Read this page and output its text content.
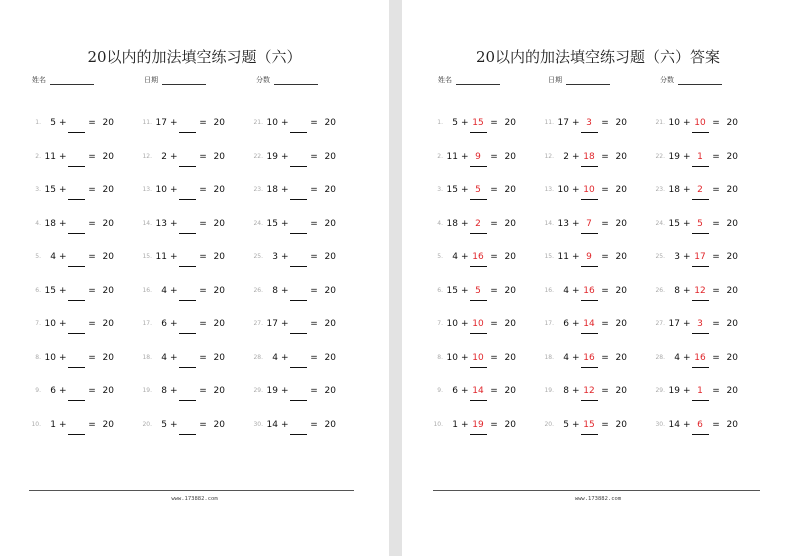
20以内的加法填空练习题（六）
姓名	日期	分数
1.	5 + = 20
2. 11 + = 20
3. 15 + = 20
4. 18 + = 20
5.	4 + = 20
6. 15 + = 20
7. 10 + = 20
8. 10 + = 20
9.	6 + = 20
10.	1 + = 20
11. 17 + = 20
12.	2 + = 20
13. 10 + = 20
14. 13 + = 20
15. 11 + = 20
16.	4 + = 20
17.	6 + = 20
18.	4 + = 20
19.	8 + = 20
20.	5 + = 20
21. 10 + = 20
22. 19 + = 20
23. 18 + = 20
24. 15 + = 20
25.	3 + = 20
26.	8 + = 20
27. 17 + = 20
28.	4 + = 20
29. 19 + = 20
30. 14 + = 20
www.173882.com
20以内的加法填空练习题（六）答案
姓名	日期	分数
1.	5 + 15 = 20
2. 11 + 9	= 20
3. 15 + 5	= 20
4. 18 + 2	= 20
5.	4 + 16 = 20
6. 15 + 5	= 20
7. 10 + 10 = 20
8. 10 + 10 = 20
9.	6 + 14 = 20
10.	1 + 19 = 20
11. 17 + 3	= 20
12.	2 + 18 = 20
13. 10 + 10 = 20
14. 13 + 7	= 20
15. 11 + 9	= 20
16.	4 + 16 = 20
17.	6 + 14 = 20
18.	4 + 16 = 20
19.	8 + 12 = 20
20.	5 + 15 = 20
21. 10 + 10 = 20
22. 19 + 1	= 20
23. 18 + 2	= 20
24. 15 + 5	= 20
25.	3 + 17 = 20
26.	8 + 12 = 20
27. 17 + 3	= 20
28.	4 + 16 = 20
29. 19 + 1	= 20
30. 14 + 6	= 20
www.173882.com
